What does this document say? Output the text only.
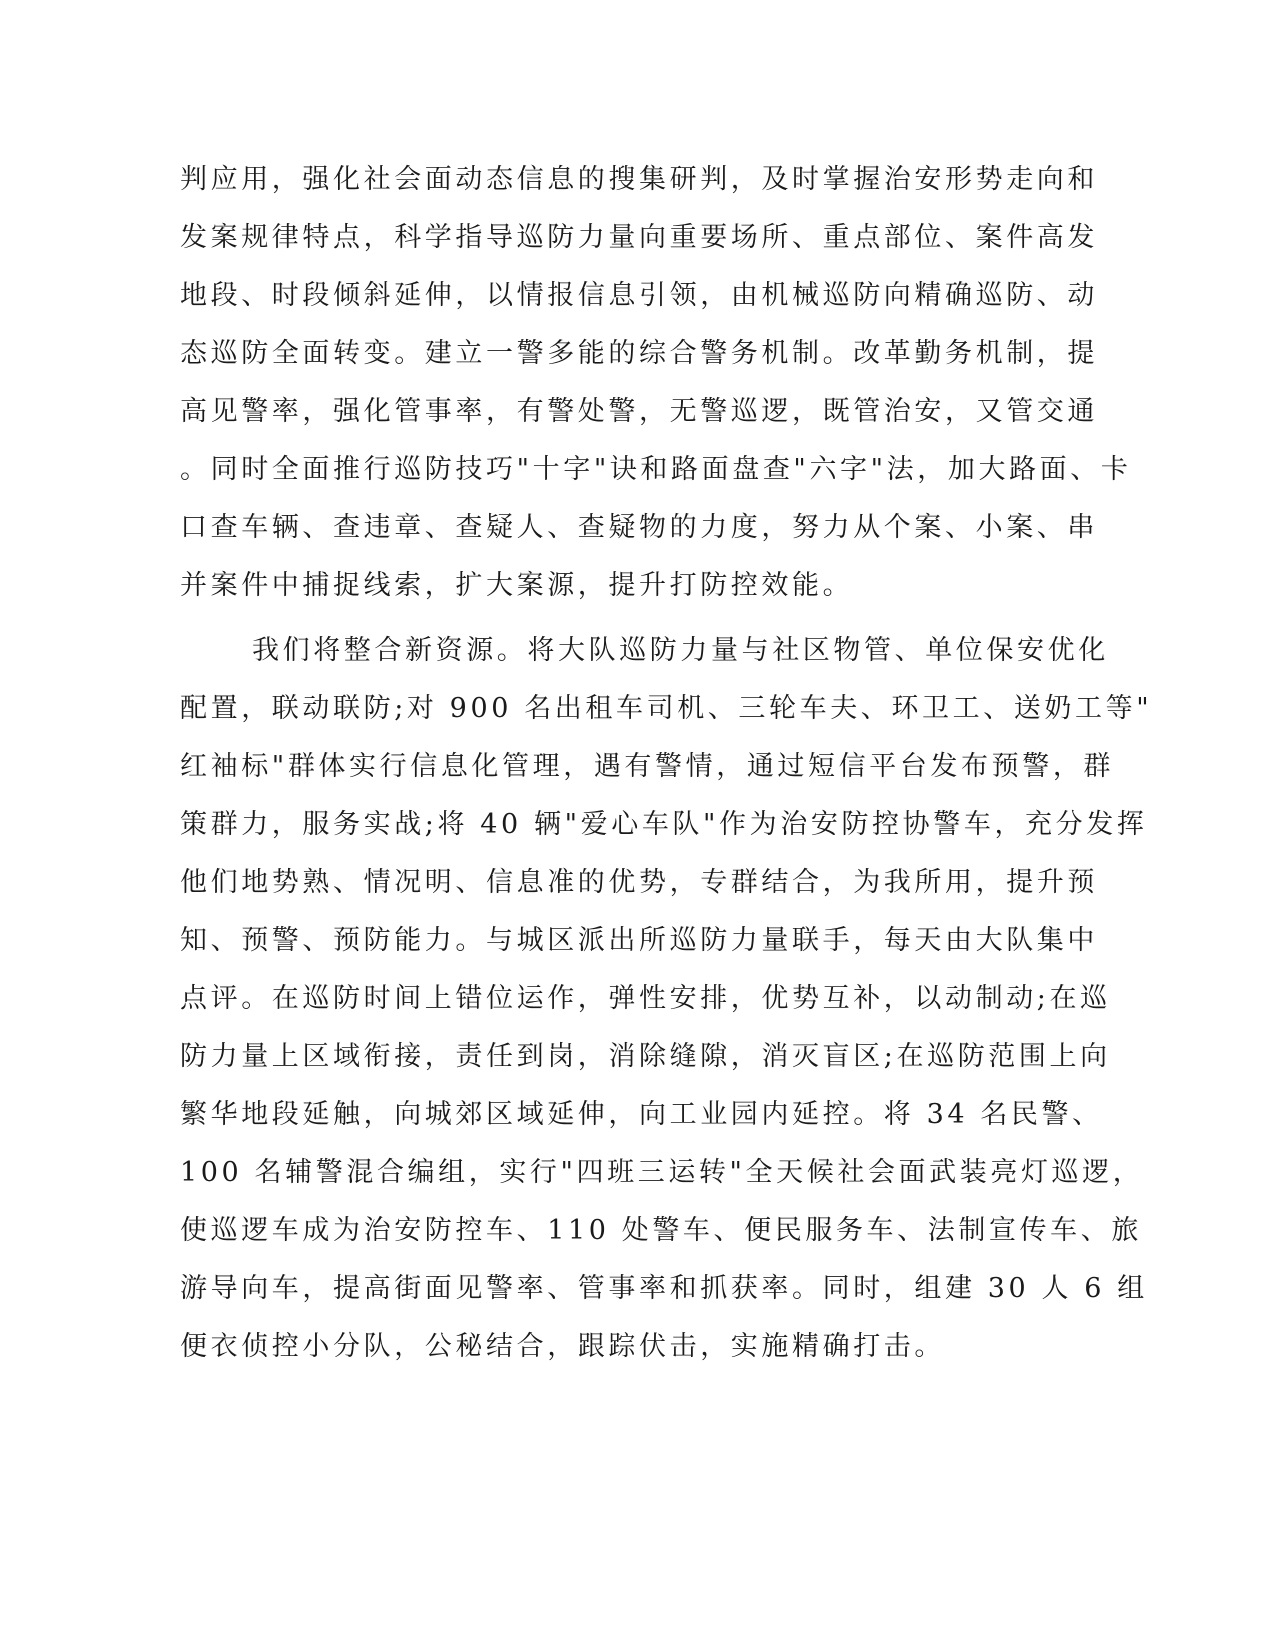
判应用，强化社会面动态信息的搜集研判，及时掌握治安形势走向和
发案规律特点，科学指导巡防力量向重要场所、重点部位、案件高发
地段、时段倾斜延伸，以情报信息引领，由机械巡防向精确巡防、动
态巡防全面转变。建立一警多能的综合警务机制。改革勤务机制，提
高见警率，强化管事率，有警处警，无警巡逻，既管治安，又管交通
。同时全面推行巡防技巧"十字"诀和路面盘查"六字"法，加大路面、卡
口查车辆、查违章、查疑人、查疑物的力度，努力从个案、小案、串
并案件中捕捉线索，扩大案源，提升打防控效能。
我们将整合新资源。将大队巡防力量与社区物管、单位保安优化
配置，联动联防;对 900 名出租车司机、三轮车夫、环卫工、送奶工等"
红袖标"群体实行信息化管理，遇有警情，通过短信平台发布预警，群
策群力，服务实战;将 40 辆"爱心车队"作为治安防控协警车，充分发挥
他们地势熟、情况明、信息准的优势，专群结合，为我所用，提升预
知、预警、预防能力。与城区派出所巡防力量联手，每天由大队集中
点评。在巡防时间上错位运作，弹性安排，优势互补，以动制动;在巡
防力量上区域衔接，责任到岗，消除缝隙，消灭盲区;在巡防范围上向
繁华地段延触，向城郊区域延伸，向工业园内延控。将 34 名民警、
100 名辅警混合编组，实行"四班三运转"全天候社会面武装亮灯巡逻，
使巡逻车成为治安防控车、110 处警车、便民服务车、法制宣传车、旅
游导向车，提高街面见警率、管事率和抓获率。同时，组建 30 人 6 组
便衣侦控小分队，公秘结合，跟踪伏击，实施精确打击。
